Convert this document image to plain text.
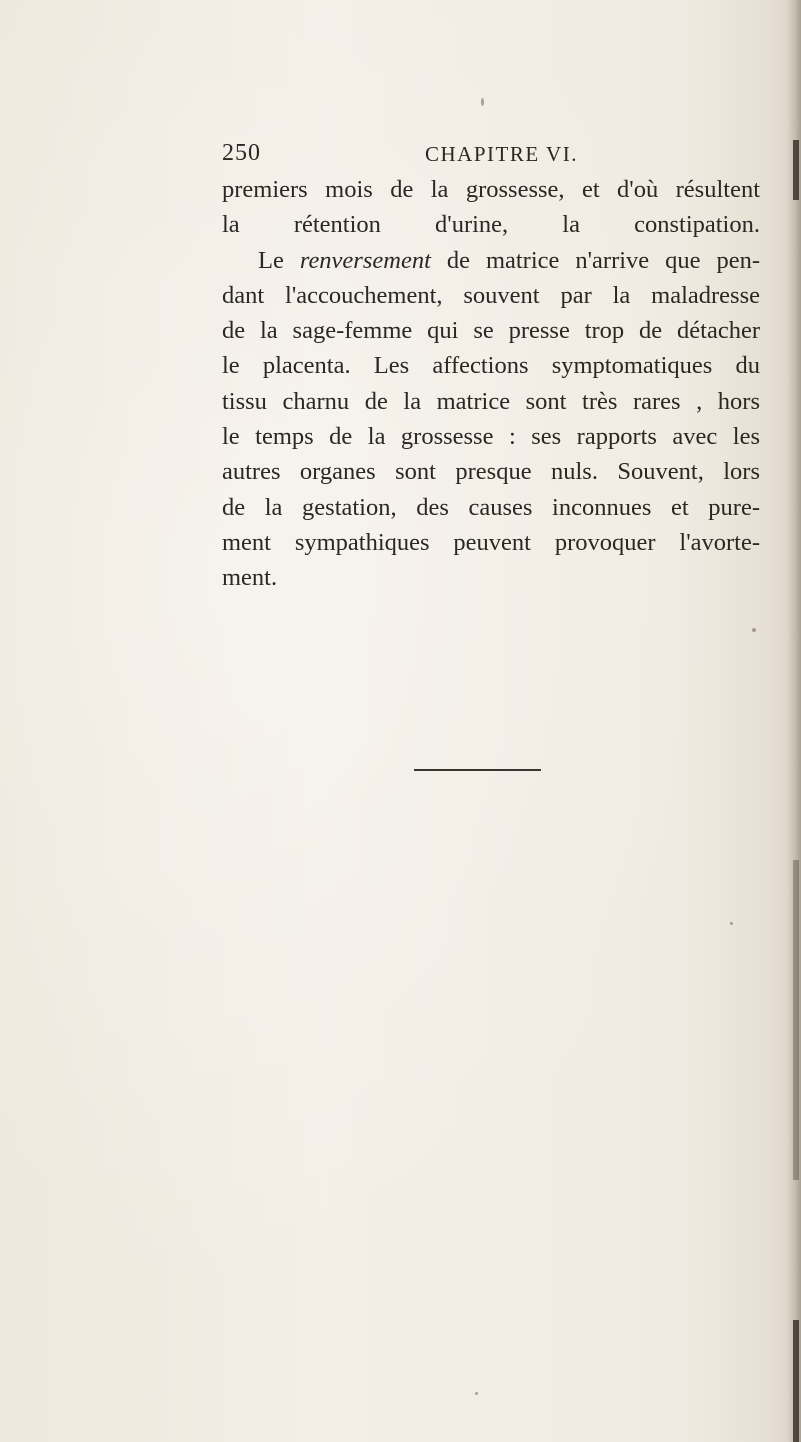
250	CHAPITRE VI.
premiers mois de la grossesse, et d'où résultent
la rétention d'urine, la constipation.
Le renversement de matrice n'arrive que pen-
dant l'accouchement, souvent par la maladresse
de la sage-femme qui se presse trop de détacher
le placenta. Les affections symptomatiques du
tissu charnu de la matrice sont très rares , hors
le temps de la grossesse : ses rapports avec les
autres organes sont presque nuls. Souvent, lors
de la gestation, des causes inconnues et pure-
ment sympathiques peuvent provoquer l'avorte-
ment.
